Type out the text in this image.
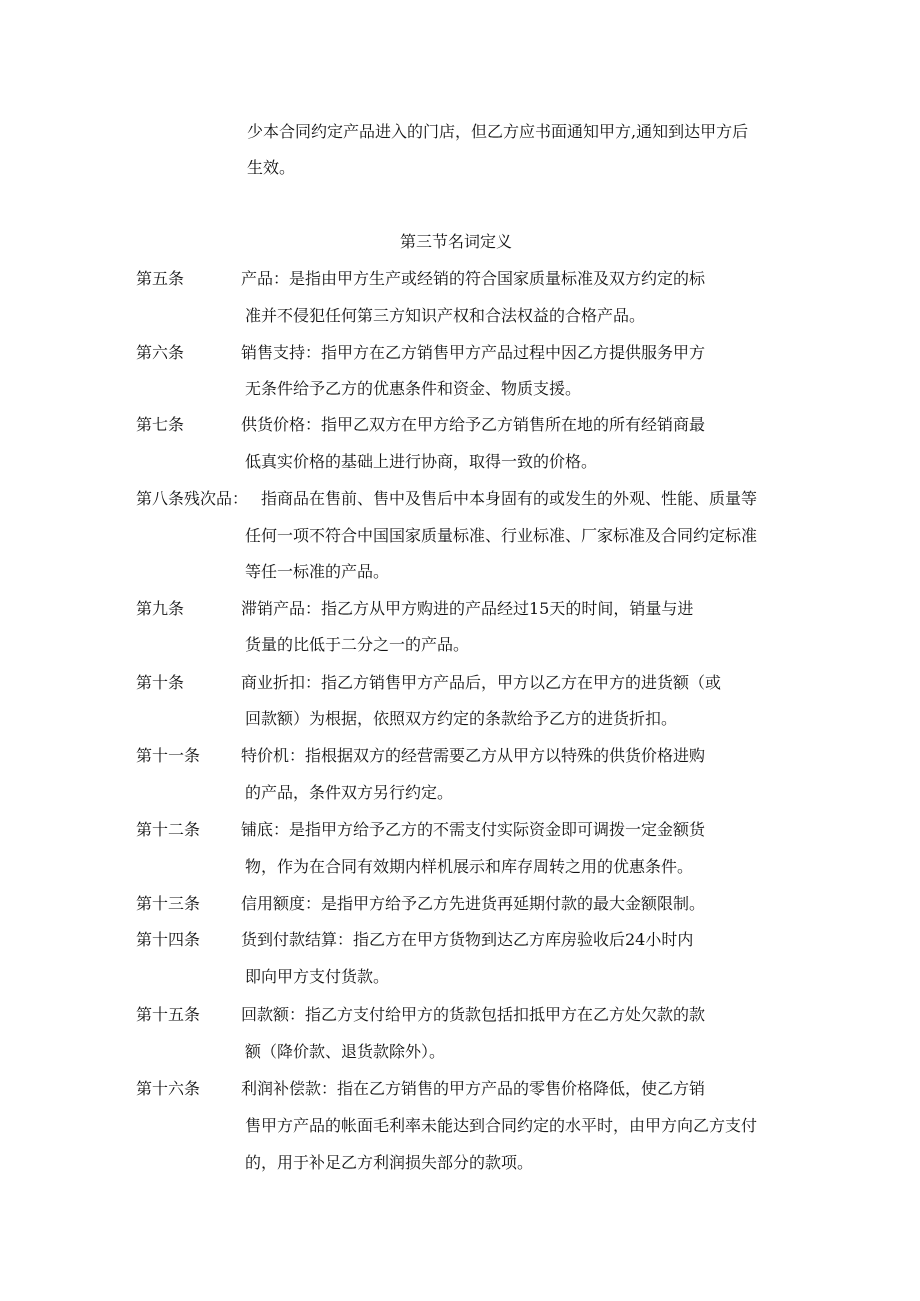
少本合同约定产品进入的门店，但乙方应书面通知甲方,通知到达甲方后

生效。

第三节名词定义
第五条	产品：是指由甲方生产或经销的符合国家质量标准及双方约定的标
准并不侵犯任何第三方知识产权和合法权益的合格产品。
第六条	销售支持：指甲方在乙方销售甲方产品过程中因乙方提供服务甲方
无条件给予乙方的优惠条件和资金、物质支援。
第七条	供货价格：指甲乙双方在甲方给予乙方销售所在地的所有经销商最
低真实价格的基础上进行协商，取得一致的价格。
第八条残次品： 指商品在售前、售中及售后中本身固有的或发生的外观、性能、质量等
任何一项不符合中国国家质量标准、行业标准、厂家标准及合同约定标准
等任一标准的产品。
第九条	滞销产品：指乙方从甲方购进的产品经过15天的时间，销量与进
货量的比低于二分之一的产品。
第十条	商业折扣：指乙方销售甲方产品后，甲方以乙方在甲方的进货额（或
回款额）为根据，依照双方约定的条款给予乙方的进货折扣。
第十一条	特价机：指根据双方的经营需要乙方从甲方以特殊的供货价格进购
的产品，条件双方另行约定。
第十二条	铺底：是指甲方给予乙方的不需支付实际资金即可调拨一定金额货
物，作为在合同有效期内样机展示和库存周转之用的优惠条件。
第十三条	信用额度：是指甲方给予乙方先进货再延期付款的最大金额限制。
第十四条	货到付款结算：指乙方在甲方货物到达乙方库房验收后24小时内
即向甲方支付货款。
第十五条	回款额：指乙方支付给甲方的货款包括扣抵甲方在乙方处欠款的款
额（降价款、退货款除外）。
第十六条	利润补偿款：指在乙方销售的甲方产品的零售价格降低，使乙方销
售甲方产品的帐面毛利率未能达到合同约定的水平时，由甲方向乙方支付
的，用于补足乙方利润损失部分的款项。
